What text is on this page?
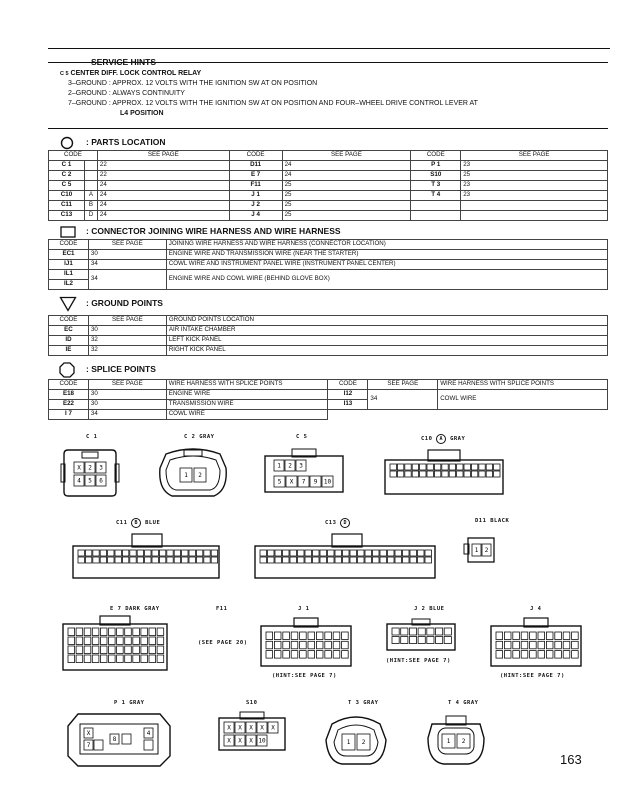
SERVICE HINTS
C 5 CENTER DIFF. LOCK CONTROL RELAY
3–GROUND : APPROX. 12 VOLTS WITH THE IGNITION SW AT ON POSITION
2–GROUND : ALWAYS CONTINUITY
7–GROUND : APPROX. 12 VOLTS WITH THE IGNITION SW AT ON POSITION AND FOUR–WHEEL DRIVE CONTROL LEVER AT
L4 POSITION
: PARTS LOCATION
CODE		SEE PAGE	CODE	SEE PAGE	CODE	SEE PAGE
C 1		22	D11	24	P 1	23
C 2		22	E 7	24	S10	25
C 5		24	F11	25	T 3	23
C10	A	24	J 1	25	T 4	23
C11	B	24	J 2	25		
C13	D	24	J 4	25		
: CONNECTOR JOINING WIRE HARNESS AND WIRE HARNESS
CODE	SEE PAGE	JOINING WIRE HARNESS AND WIRE HARNESS (CONNECTOR LOCATION)
EC1	30	ENGINE WIRE AND TRANSMISSION WIRE (NEAR THE STARTER)
IJ1	34	COWL WIRE AND INSTRUMENT PANEL WIRE (INSTRUMENT PANEL CENTER)
IL1	34	ENGINE WIRE AND COWL WIRE (BEHIND GLOVE BOX)
IL2		
: GROUND POINTS
CODE	SEE PAGE	GROUND POINTS LOCATION
EC	30	AIR INTAKE CHAMBER
ID	32	LEFT KICK PANEL
IE	32	RIGHT KICK PANEL
: SPLICE POINTS
CODE	SEE PAGE	WIRE HARNESS WITH SPLICE POINTS	CODE	SEE PAGE	WIRE HARNESS WITH SPLICE POINTS
E18	30	ENGINE WIRE	I12	34	COWL WIRE
E22	30	TRANSMISSION WIRE	I13		
I 7	34	COWL WIRE			
C 1	C 2 GRAY	C 5	C10 A GRAY
X 2 3
4 5 6
1 2
1 2 3
5 X 7 9 10
C11 B BLUE	C13 D	D11 BLACK
1 2
E 7 DARK GRAY	F11
(SEE PAGE 20)
J 1
(HINT:SEE PAGE 7)
J 2 BLUE
(HINT:SEE PAGE 7)
J 4
(HINT:SEE PAGE 7)
P 1 GRAY	S10	T 3 GRAY	T 4 GRAY
X
7
8
4
X X X X X
X X X 10	1 2	1 2
163
